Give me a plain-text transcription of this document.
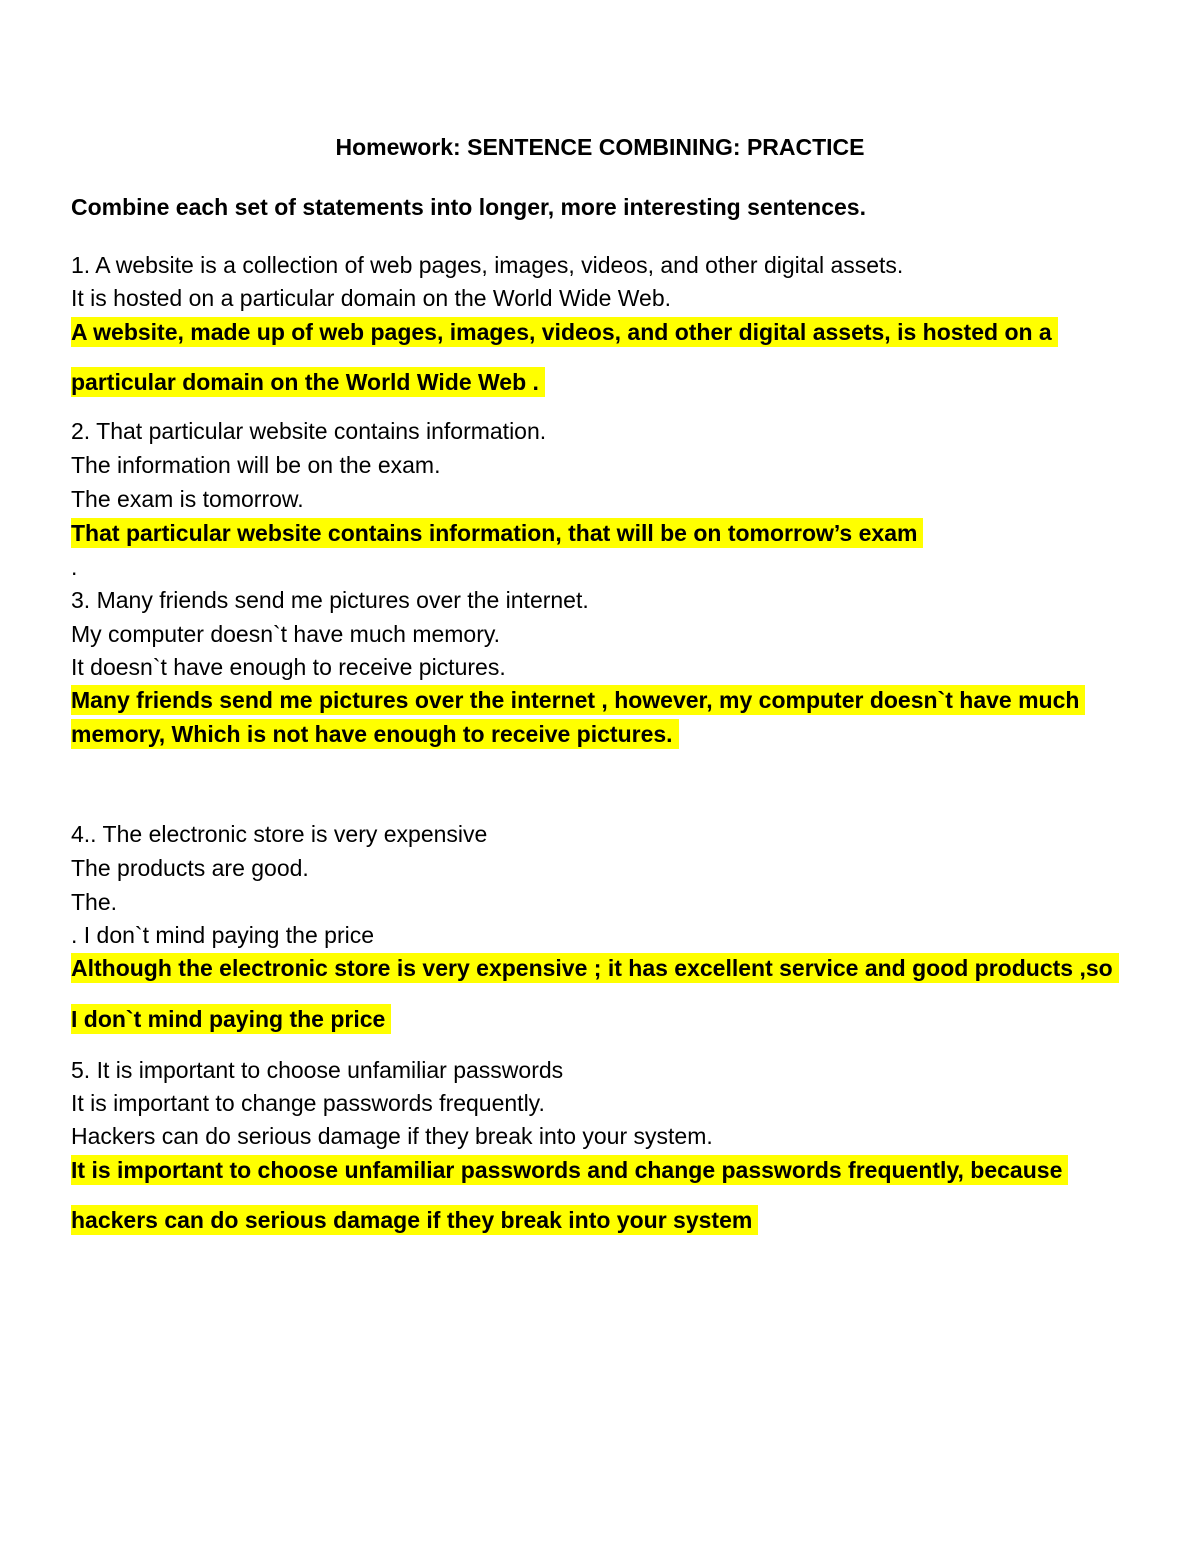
Homework: SENTENCE COMBINING: PRACTICE
Combine each set of statements into longer, more interesting sentences.
1. A website is a collection of web pages, images, videos, and other digital assets.
It is hosted on a particular domain on the World Wide Web.
A website, made up of web pages, images, videos, and other digital assets, is hosted on a
particular domain on the World Wide Web .
2. That particular website contains information.
The information will be on the exam.
The exam is tomorrow.
That particular website contains information, that will be on tomorrow’s exam
.
3. Many friends send me pictures over the internet.
My computer doesn`t have much memory.
It doesn`t have enough to receive pictures.
Many friends send me pictures over the internet , however, my computer doesn`t have much
memory, Which is not have enough to receive pictures.
4.. The electronic store is very expensive
The products are good.
The.
. I don`t mind paying the price
Although the electronic store is very expensive ; it has excellent service and good products ,so
I don`t mind paying the price
5. It is important to choose unfamiliar passwords
It is important to change passwords frequently.
Hackers can do serious damage if they break into your system.
It is important to choose unfamiliar passwords and change passwords frequently, because
hackers can do serious damage if they break into your system
